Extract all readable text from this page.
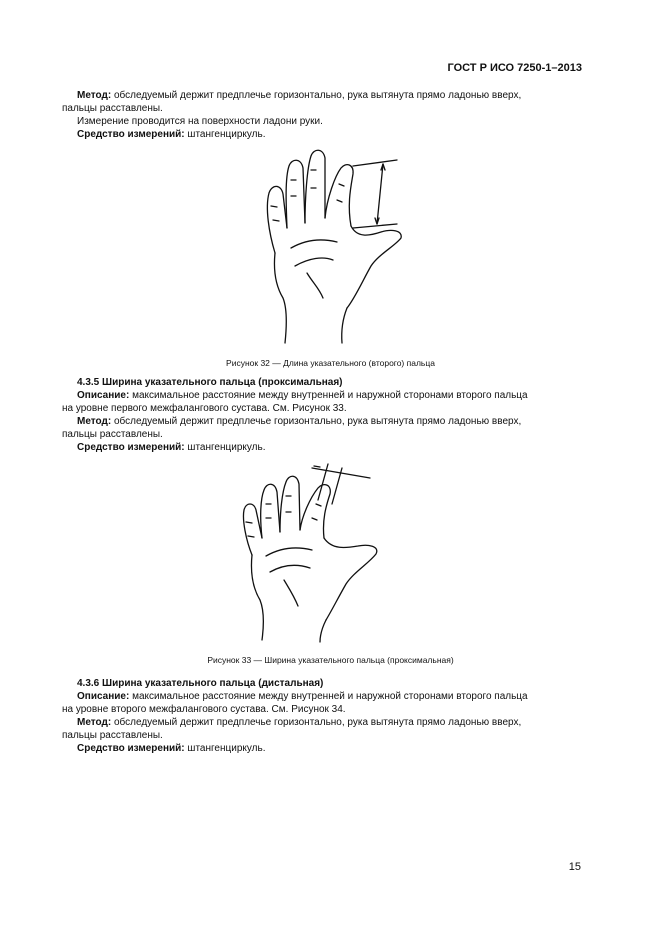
ГОСТ Р ИСО 7250-1–2013

Метод: обследуемый держит предплечье горизонтально, рука вытянута прямо ладонью вверх,

пальцы расставлены.

Измерение проводится на поверхности ладони руки.

Средство измерений: штангенциркуль.

Рисунок 32 — Длина указательного (второго) пальца

4.3.5 Ширина указательного пальца (проксимальная)

Описание: максимальное расстояние между внутренней и наружной сторонами второго пальца

на уровне первого межфалангового сустава. См. Рисунок 33.

Метод: обследуемый держит предплечье горизонтально, рука вытянута прямо ладонью вверх,

пальцы расставлены.

Средство измерений: штангенциркуль.

Рисунок 33 — Ширина указательного пальца (проксимальная)

4.3.6 Ширина указательного пальца (дистальная)

Описание: максимальное расстояние между внутренней и наружной сторонами второго пальца

на уровне второго межфалангового сустава. См. Рисунок 34.

Метод: обследуемый держит предплечье горизонтально, рука вытянута прямо ладонью вверх,

пальцы расставлены.

Средство измерений: штангенциркуль.

15
